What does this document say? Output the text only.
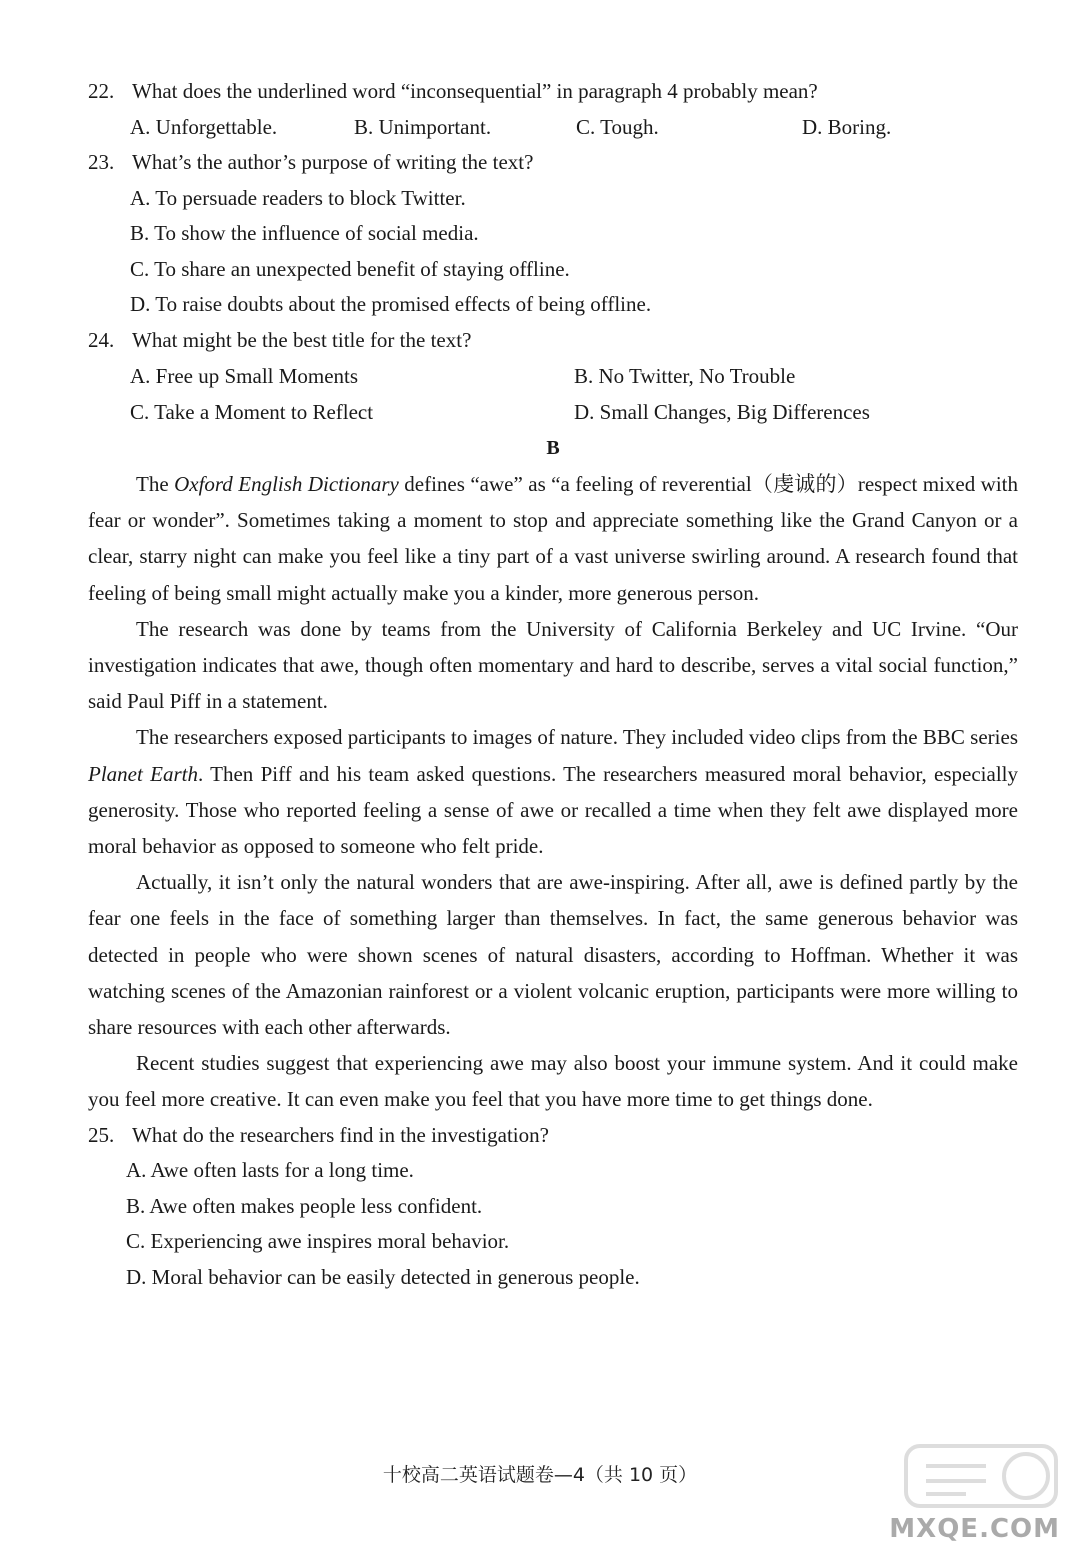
22. What does the underlined word “inconsequential” in paragraph 4 probably mean?
A. Unforgettable.	B. Unimportant.	C. Tough.	D. Boring.
23. What’s the author’s purpose of writing the text?
A. To persuade readers to block Twitter.
B. To show the influence of social media.
C. To share an unexpected benefit of staying offline.
D. To raise doubts about the promised effects of being offline.
24. What might be the best title for the text?
A. Free up Small Moments	B. No Twitter, No Trouble
C. Take a Moment to Reflect	D. Small Changes, Big Differences
B

The Oxford English Dictionary defines “awe” as “a feeling of reverential（虔诚的）respect mixed with fear or wonder”. Sometimes taking a moment to stop and appreciate something like the Grand Canyon or a clear, starry night can make you feel like a tiny part of a vast universe swirling around. A research found that feeling of being small might actually make you a kinder, more generous person.

The research was done by teams from the University of California Berkeley and UC Irvine. “Our investigation indicates that awe, though often momentary and hard to describe, serves a vital social function,” said Paul Piff in a statement.

The researchers exposed participants to images of nature. They included video clips from the BBC series Planet Earth. Then Piff and his team asked questions. The researchers measured moral behavior, especially generosity. Those who reported feeling a sense of awe or recalled a time when they felt awe displayed more moral behavior as opposed to someone who felt pride.

Actually, it isn’t only the natural wonders that are awe-inspiring. After all, awe is defined partly by the fear one feels in the face of something larger than themselves. In fact, the same generous behavior was detected in people who were shown scenes of natural disasters, according to Hoffman. Whether it was watching scenes of the Amazonian rainforest or a violent volcanic eruption, participants were more willing to share resources with each other afterwards.

Recent studies suggest that experiencing awe may also boost your immune system. And it could make you feel more creative. It can even make you feel that you have more time to get things done.

25. What do the researchers find in the investigation?
A. Awe often lasts for a long time.
B. Awe often makes people less confident.
C. Experiencing awe inspires moral behavior.
D. Moral behavior can be easily detected in generous people.
十校高二英语试题卷—4（共 10 页）
MXQE.COM
